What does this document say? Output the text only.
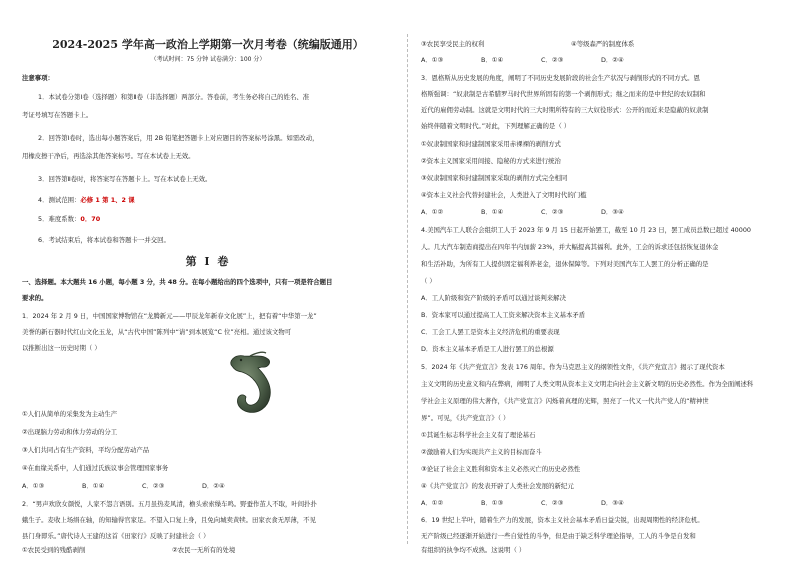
2024-2025 学年高一政治上学期第一次月考卷（统编版通用）
（考试时间：75 分钟 试卷满分：100 分）
注意事项：
1．本试卷分第Ⅰ卷（选择题）和第Ⅱ卷（非选择题）两部分。答卷前，考生务必将自己的姓名、准
考证号填写在答题卡上。
2．回答第Ⅰ卷时，选出每小题答案后，用 2B 铅笔把答题卡上对应题目的答案标号涂黑。如需改动，
用橡皮擦干净后，再选涂其他答案标号。写在本试卷上无效。
3．回答第Ⅱ卷时，将答案写在答题卡上。写在本试卷上无效。
4．测试范围：必修 1 第 1、2 课
5．难度系数：0．70
6．考试结束后，将本试卷和答题卡一并交回。
第 Ⅰ 卷
一、选择题。本大题共 16 小题，每小题 3 分，共 48 分。在每小题给出的四个选项中，只有一项是符合题目
要求的。
1．2024 年 2 月 9 日，中国国家博物馆在“龙腾新元——甲辰龙年新春文化展”上，把有着“中华第一龙”
美誉的新石器时代红山文化玉龙，从“古代中国”陈列中“请”到本展览“C 位”亮相。通过该文物可
以推断出这一历史时期（ ）
①人们从简单的采集发为主动生产
②出现脑力劳动和体力劳动的分工
③人们共同占有生产资料，平均分配劳动产品
④在血缘关系中，人们通过氏族议事会管理国家事务
A．①③	B．①④	C．②③	D．②④
2．“男声欢欣女颜悦，人家不怨言语别。五月虽热麦风清，檐头索索缲车鸣。野蚕作茧人不取，叶间扑扑
蛾生子。麦收上场绢在轴，的知输得官家足。不望入口复上身，且免向城卖黄犊。田家衣食无厚薄，不见
县门身即乐。”唐代诗人王建的这首《田家行》反映了封建社会（ ）
①农民受到的残酷剥削	②农民一无所有的处境
③农民享受民主的权利	④等级森严的制度体系
A．①③	B．①④	C．②③	D．②④
3．恩格斯从历史发展的角度，阐明了不同历史发展阶段的社会生产状况与剥削形式的不同方式。恩
格斯强调：“奴隶制是古希腊罗马时代世界所固有的第一个剥削形式；继之而来的是中世纪的农奴制和
近代的雇佣劳动制。这就是文明时代的三大时期所特有的三大奴役形式：公开的而近来是隐蔽的奴隶制
始终伴随着文明时代。”对此，下列理解正确的是（ ）
①奴隶制国家和封建制国家采用赤裸裸的剥削方式
②资本主义国家采用间接、隐秘的方式来进行统治
③奴隶制国家和封建制国家采取的剥削方式完全相同
④资本主义社会代替封建社会，人类进入了文明时代的门槛
A．①②	B．①④	C．②③	D．③④
4.美国汽车工人联合会组织工人于 2023 年 9 月 15 日起开始罢工，截至 10 月 23 日，罢工成员总数已超过 40000
人。几大汽车制造商提出在四年半内加薪 23%，并大幅提高其福利。此外，工会的诉求还包括恢复退休金
和生活补助，为所有工人提供固定福利养老金，退休保障等。下列对美国汽车工人罢工的分析正确的是
（ ）
A．工人阶级和资产阶级的矛盾可以通过谈判来解决
B．资本家可以通过提高工人工资来解决资本主义基本矛盾
C．工会工人罢工是资本主义经济危机的重要表现
D．资本主义基本矛盾是工人进行罢工的总根源
5．2024 年《共产党宣言》发表 176 周年。作为马克思主义的纲领性文件，《共产党宣言》揭示了现代资本
主义文明的历史意义和内在弊病，阐明了人类文明从资本主义文明走向社会主义新文明的历史必然性。作为全面阐述科
学社会主义原理的伟大著作，《共产党宣言》闪烁着真理的光辉，照亮了一代又一代共产党人的“精神世
界”。可见，《共产党宣言》（ ）
①其诞生标志科学社会主义有了理论基石
②激励着人们为实现共产主义的目标而奋斗
③论证了社会主义胜利和资本主义必然灭亡的历史必然性
④《共产党宣言》的发表开辟了人类社会发展的新纪元
A．①②	B．①③	C．②③	D．③④
6．19 世纪上半叶，随着生产力的发展，资本主义社会基本矛盾日益尖锐，出现周期性的经济危机。
无产阶级已经逐渐开始进行一些自觉性的斗争，但是由于缺乏科学理论指导，工人的斗争是自发和
有组织的执争均不成熟。这说明（ ）
